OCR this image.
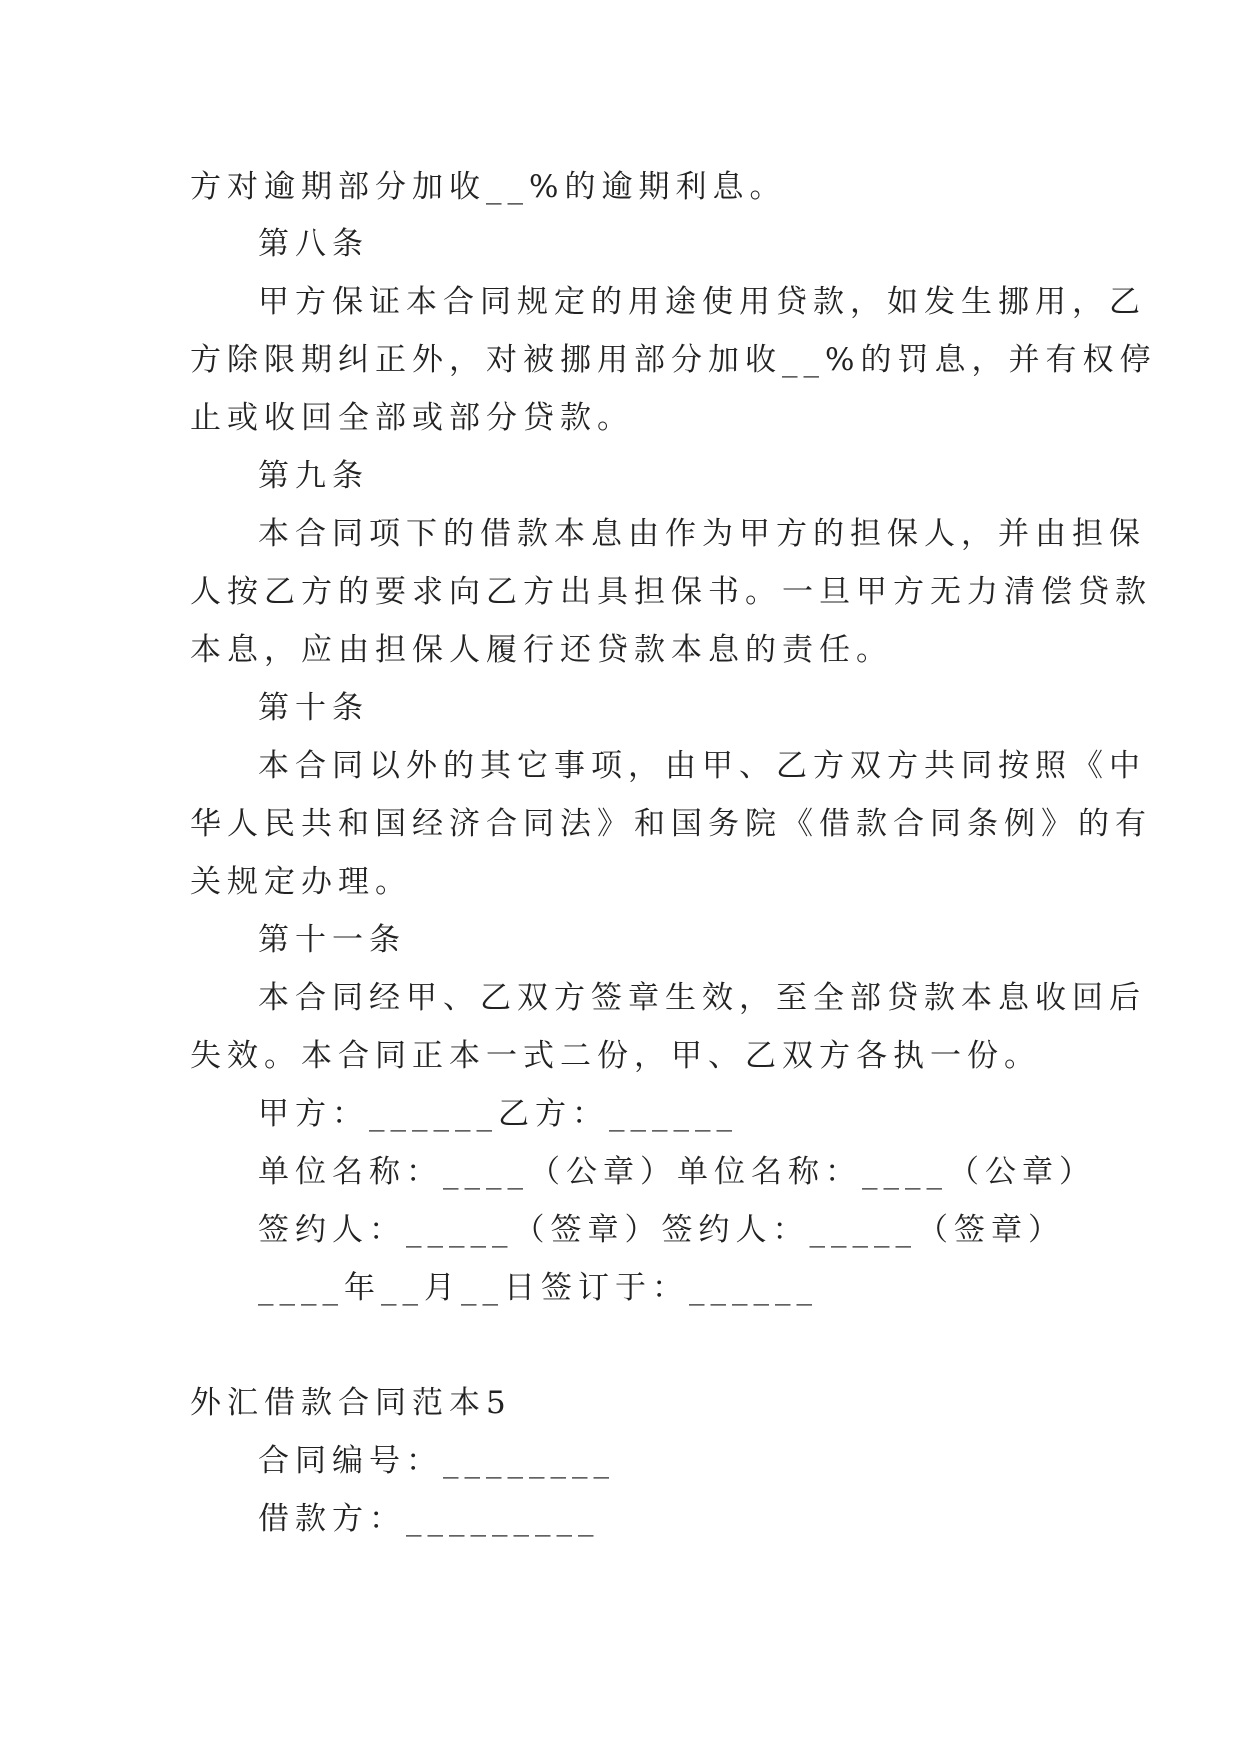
方对逾期部分加收__%的逾期利息。
第八条
甲方保证本合同规定的用途使用贷款，如发生挪用，乙
方除限期纠正外，对被挪用部分加收__%的罚息，并有权停
止或收回全部或部分贷款。
第九条
本合同项下的借款本息由作为甲方的担保人，并由担保
人按乙方的要求向乙方出具担保书。一旦甲方无力清偿贷款
本息，应由担保人履行还贷款本息的责任。
第十条
本合同以外的其它事项，由甲、乙方双方共同按照《中
华人民共和国经济合同法》和国务院《借款合同条例》的有
关规定办理。
第十一条
本合同经甲、乙双方签章生效，至全部贷款本息收回后
失效。本合同正本一式二份，甲、乙双方各执一份。
甲方：______乙方：______
单位名称：____（公章）单位名称：____（公章）
签约人：_____（签章）签约人：_____（签章）
____年__月__日签订于：______
外汇借款合同范本5
合同编号：________
借款方：_________
